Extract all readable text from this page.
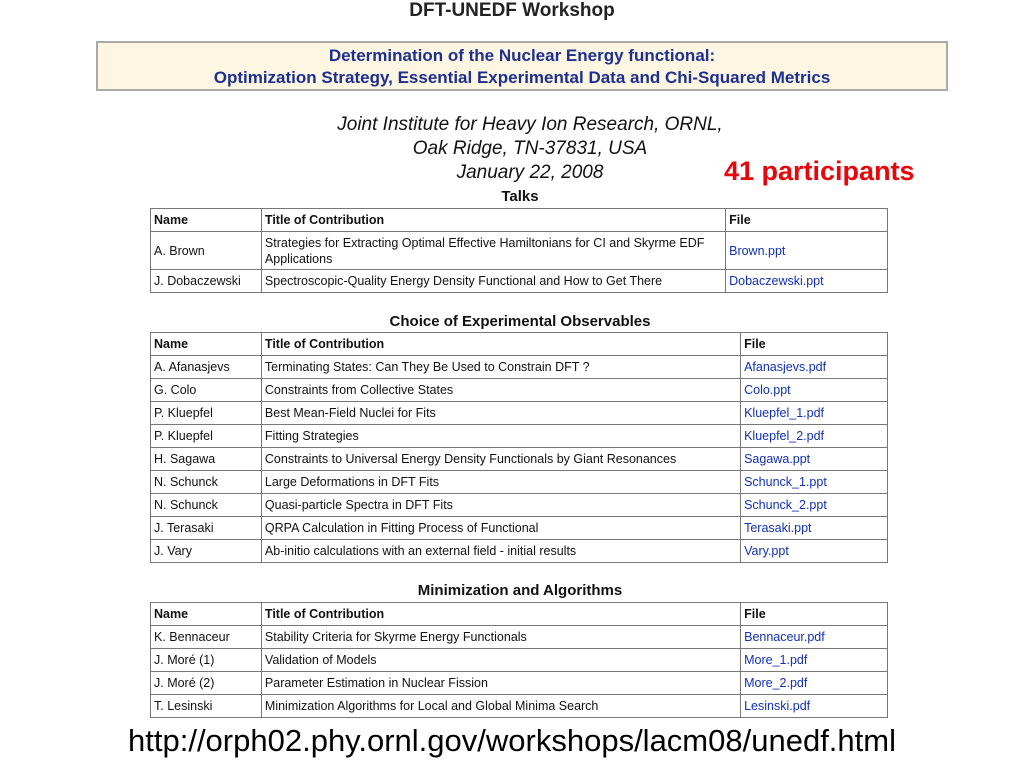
DFT-UNEDF Workshop
Determination of the Nuclear Energy functional:
Optimization Strategy, Essential Experimental Data and Chi-Squared Metrics
Joint Institute for Heavy Ion Research, ORNL,
Oak Ridge, TN-37831, USA
January 22, 2008	41 participants
Talks
Name	Title of Contribution	File
A. Brown	Strategies for Extracting Optimal Effective Hamiltonians for CI and Skyrme EDF Applications	Brown.ppt
J. Dobaczewski	Spectroscopic-Quality Energy Density Functional and How to Get There	Dobaczewski.ppt
Choice of Experimental Observables
Name	Title of Contribution	File
A. Afanasjevs	Terminating States: Can They Be Used to Constrain DFT ?	Afanasjevs.pdf
G. Colo	Constraints from Collective States	Colo.ppt
P. Kluepfel	Best Mean-Field Nuclei for Fits	Kluepfel_1.pdf
P. Kluepfel	Fitting Strategies	Kluepfel_2.pdf
H. Sagawa	Constraints to Universal Energy Density Functionals by Giant Resonances	Sagawa.ppt
N. Schunck	Large Deformations in DFT Fits	Schunck_1.ppt
N. Schunck	Quasi-particle Spectra in DFT Fits	Schunck_2.ppt
J. Terasaki	QRPA Calculation in Fitting Process of Functional	Terasaki.ppt
J. Vary	Ab-initio calculations with an external field - initial results	Vary.ppt
Minimization and Algorithms
Name	Title of Contribution	File
K. Bennaceur	Stability Criteria for Skyrme Energy Functionals	Bennaceur.pdf
J. Moré (1)	Validation of Models	More_1.pdf
J. Moré (2)	Parameter Estimation in Nuclear Fission	More_2.pdf
T. Lesinski	Minimization Algorithms for Local and Global Minima Search	Lesinski.pdf
http://orph02.phy.ornl.gov/workshops/lacm08/unedf.html
